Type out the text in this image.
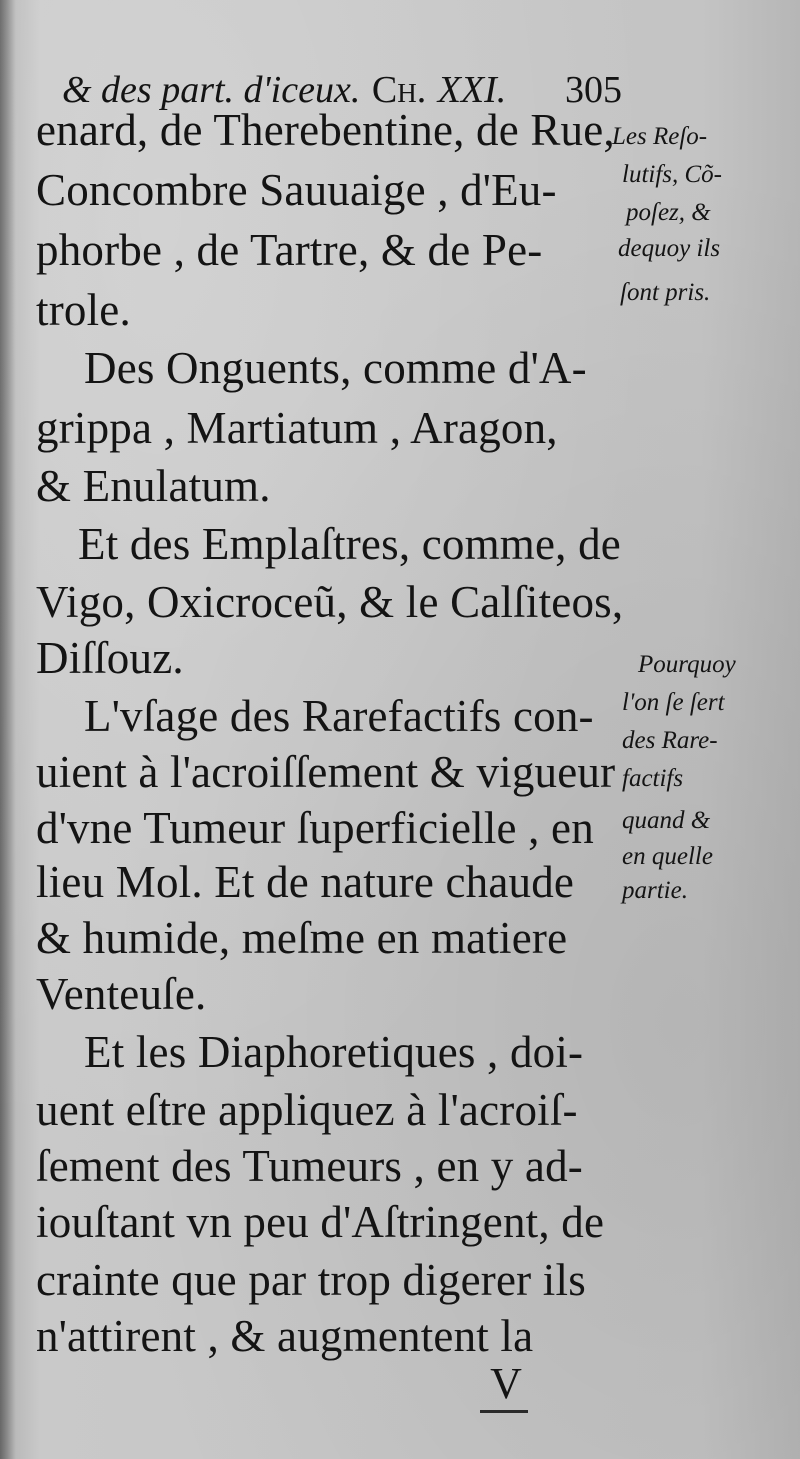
& des part. d'iceux. Ch. XXI. 305
enard, de Therebentine, de Rue,
Concombre Sauuaige , d'Eu-
phorbe , de Tartre, & de Pe-
trole.
Des Onguents, comme d'A-
grippa , Martiatum , Aragon,
& Enulatum.
Et des Emplaſtres, comme, de
Vigo, Oxicroceũ, & le Calſiteos,
Diſſouz.
L'vſage des Rarefactifs con-
uient à l'acroiſſement & vigueur
d'vne Tumeur ſuperficielle , en
lieu Mol. Et de nature chaude
& humide, meſme en matiere
Venteuſe.
Et les Diaphoretiques , doi-
uent eſtre appliquez à l'acroiſ-
ſement des Tumeurs , en y ad-
iouſtant vn peu d'Aſtringent, de
crainte que par trop digerer ils
n'attirent , & augmentent la
Les Reſo-
lutifs, Cõ-
poſez, &
dequoy ils
ſont pris.
Pourquoy
l'on ſe ſert
des Rare-
factifs
quand &
en quelle
partie.
V
